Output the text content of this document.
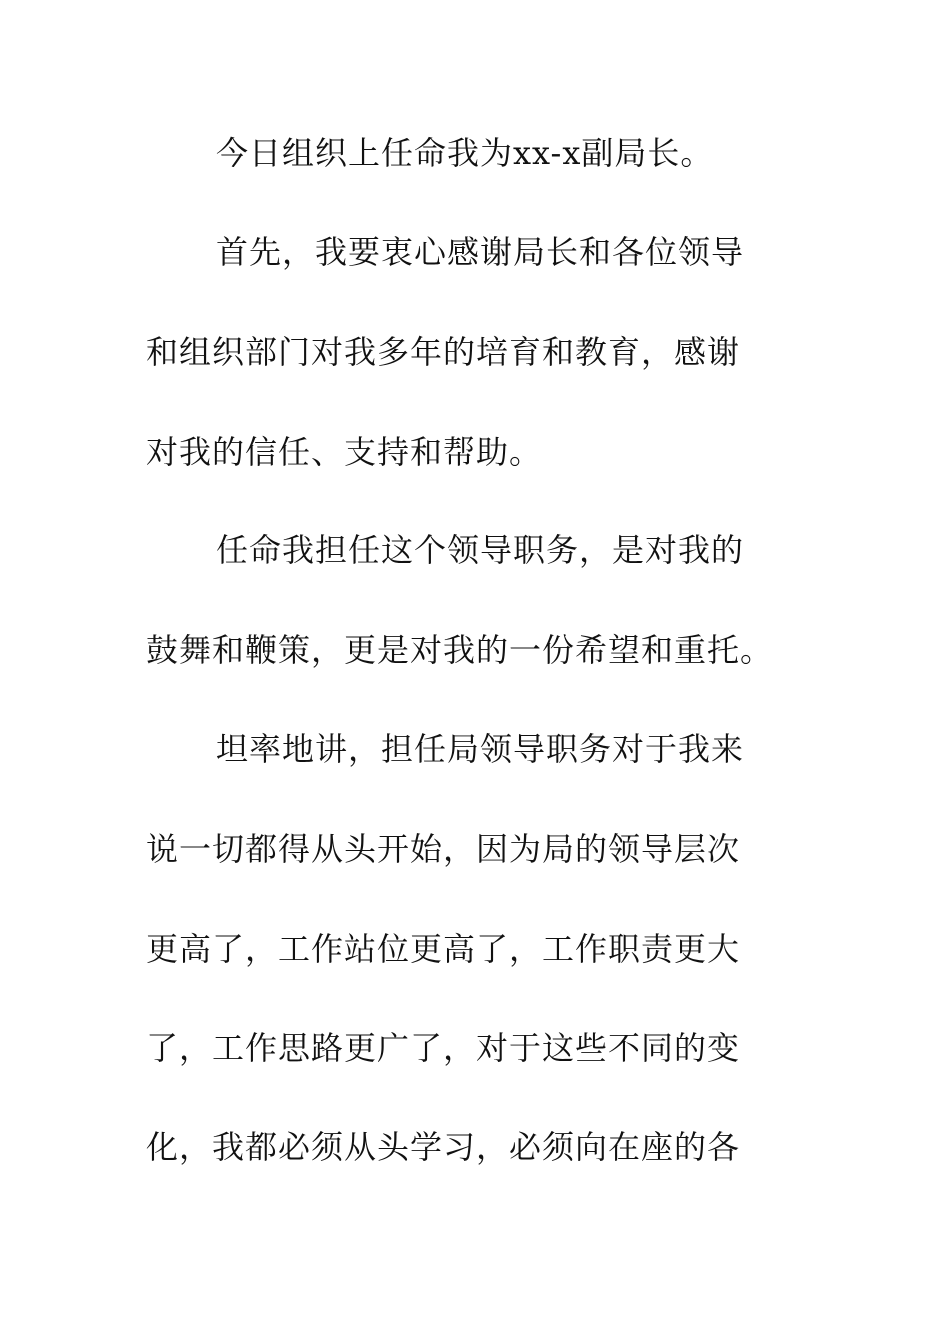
今日组织上任命我为xx-x副局长。
首先，我要衷心感谢局长和各位领导
和组织部门对我多年的培育和教育，感谢
对我的信任、支持和帮助。
任命我担任这个领导职务，是对我的
鼓舞和鞭策，更是对我的一份希望和重托。
坦率地讲，担任局领导职务对于我来
说一切都得从头开始，因为局的领导层次
更高了，工作站位更高了，工作职责更大
了，工作思路更广了，对于这些不同的变
化，我都必须从头学习，必须向在座的各
